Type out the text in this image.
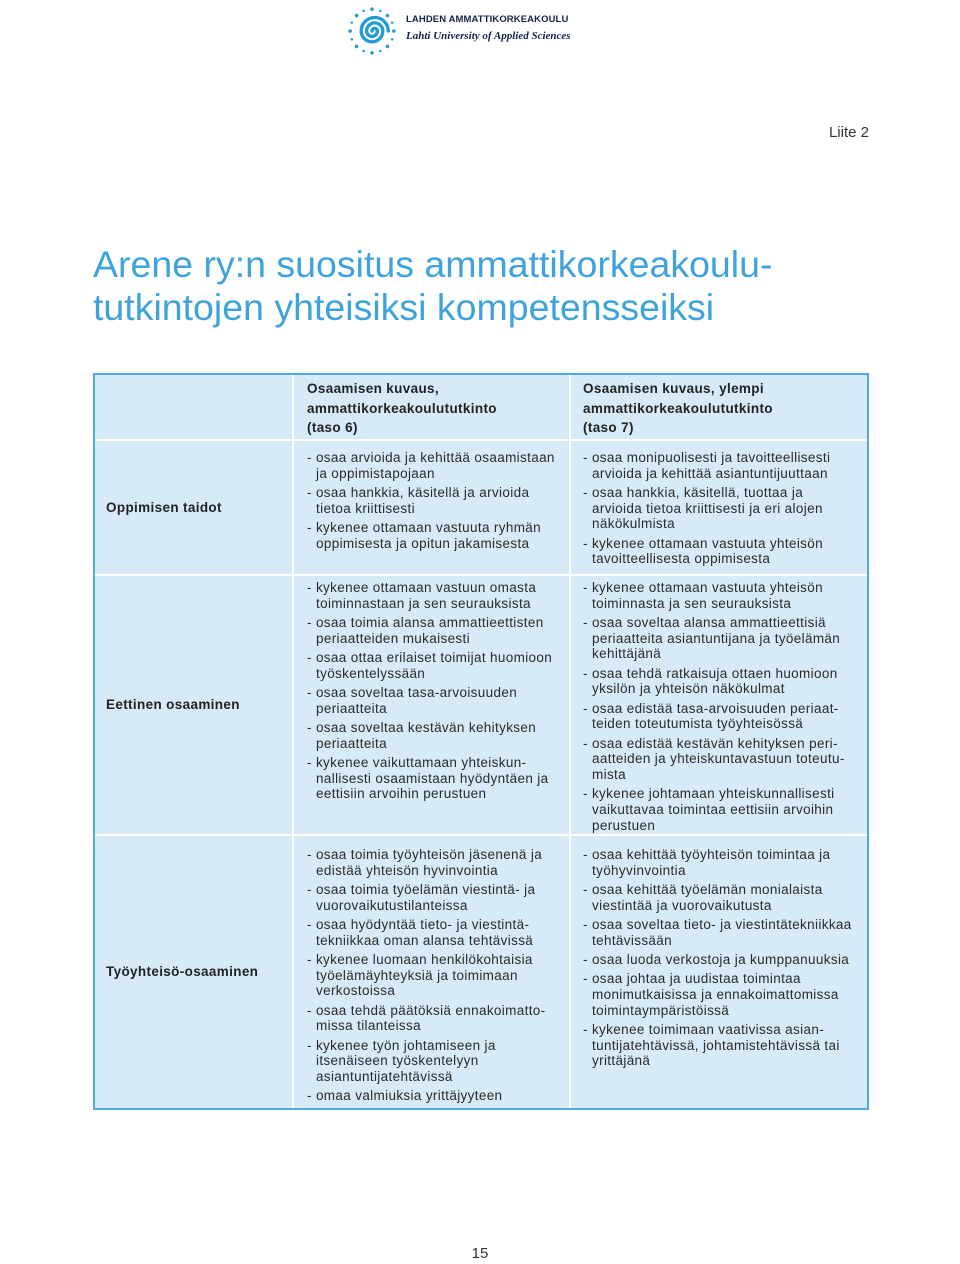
LAHDEN AMMATTIKORKEAKOULU
Lahti University of Applied Sciences
Liite 2
Arene ry:n suositus ammattikorkeakoulu-
tutkintojen yhteisiksi kompetensseiksi
Osaamisen kuvaus,
ammattikorkeakoulututkinto
(taso 6)
Osaamisen kuvaus, ylempi
ammattikorkeakoulututkinto
(taso 7)
Oppimisen taidot
- osaa arvioida ja kehittää osaamistaan
ja oppimistapojaan
- osaa hankkia, käsitellä ja arvioida
tietoa kriittisesti
- kykenee ottamaan vastuuta ryhmän
oppimisesta ja opitun jakamisesta
- osaa monipuolisesti ja tavoitteellisesti
arvioida ja kehittää asiantuntijuuttaan
- osaa hankkia, käsitellä, tuottaa ja
arvioida tietoa kriittisesti ja eri alojen
näkökulmista
- kykenee ottamaan vastuuta yhteisön
tavoitteellisesta oppimisesta
Eettinen osaaminen
- kykenee ottamaan vastuun omasta
toiminnastaan ja sen seurauksista
- osaa toimia alansa ammattieettisten
periaatteiden mukaisesti
- osaa ottaa erilaiset toimijat huomioon
työskentelyssään
- osaa soveltaa tasa-arvoisuuden
periaatteita
- osaa soveltaa kestävän kehityksen
periaatteita
- kykenee vaikuttamaan yhteiskun-
nallisesti osaamistaan hyödyntäen ja
eettisiin arvoihin perustuen
- kykenee ottamaan vastuuta yhteisön
toiminnasta ja sen seurauksista
- osaa soveltaa alansa ammattieettisiä
periaatteita asiantuntijana ja työelämän
kehittäjänä
- osaa tehdä ratkaisuja ottaen huomioon
yksilön ja yhteisön näkökulmat
- osaa edistää tasa-arvoisuuden periaat-
teiden toteutumista työyhteisössä
- osaa edistää kestävän kehityksen peri-
aatteiden ja yhteiskuntavastuun toteutu-
mista
- kykenee johtamaan yhteiskunnallisesti
vaikuttavaa toimintaa eettisiin arvoihin
perustuen
Työyhteisö-osaaminen
- osaa toimia työyhteisön jäsenenä ja
edistää yhteisön hyvinvointia
- osaa toimia työelämän viestintä- ja
vuorovaikutustilanteissa
- osaa hyödyntää tieto- ja viestintä-
tekniikkaa oman alansa tehtävissä
- kykenee luomaan henkilökohtaisia
työelämäyhteyksiä ja toimimaan
verkostoissa
- osaa tehdä päätöksiä ennakoimatto-
missa tilanteissa
- kykenee työn johtamiseen ja
itsenäiseen työskentelyyn
asiantuntijatehtävissä
- omaa valmiuksia yrittäjyyteen
- osaa kehittää työyhteisön toimintaa ja
työhyvinvointia
- osaa kehittää työelämän monialaista
viestintää ja vuorovaikutusta
- osaa soveltaa tieto- ja viestintätekniikkaa
tehtävissään
- osaa luoda verkostoja ja kumppanuuksia
- osaa johtaa ja uudistaa toimintaa
monimutkaisissa ja ennakoimattomissa
toimintaympäristöissä
- kykenee toimimaan vaativissa asian-
tuntijatehtävissä, johtamistehtävissä tai
yrittäjänä
15
